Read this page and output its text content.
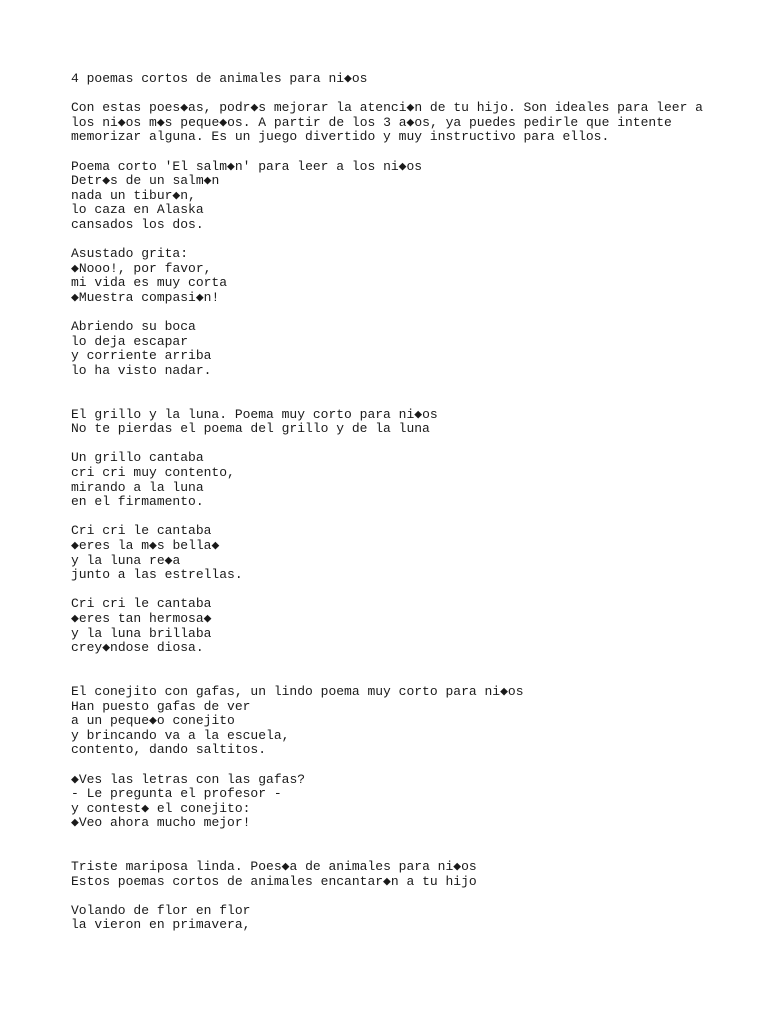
4 poemas cortos de animales para ni◆os
Con estas poes◆as, podr◆s mejorar la atenci◆n de tu hijo. Son ideales para leer a
los ni◆os m◆s peque◆os. A partir de los 3 a◆os, ya puedes pedirle que intente
memorizar alguna. Es un juego divertido y muy instructivo para ellos.
Poema corto 'El salm◆n' para leer a los ni◆os
Detr◆s de un salm◆n
nada un tibur◆n,
lo caza en Alaska
cansados los dos.
Asustado grita:
◆Nooo!, por favor,
mi vida es muy corta
◆Muestra compasi◆n!
Abriendo su boca
lo deja escapar
y corriente arriba
lo ha visto nadar.
El grillo y la luna. Poema muy corto para ni◆os
No te pierdas el poema del grillo y de la luna
Un grillo cantaba
cri cri muy contento,
mirando a la luna
en el firmamento.
Cri cri le cantaba
◆eres la m◆s bella◆
y la luna re◆a
junto a las estrellas.
Cri cri le cantaba
◆eres tan hermosa◆
y la luna brillaba
crey◆ndose diosa.
El conejito con gafas, un lindo poema muy corto para ni◆os
Han puesto gafas de ver
a un peque◆o conejito
y brincando va a la escuela,
contento, dando saltitos.
◆Ves las letras con las gafas?
- Le pregunta el profesor -
y contest◆ el conejito:
◆Veo ahora mucho mejor!
Triste mariposa linda. Poes◆a de animales para ni◆os
Estos poemas cortos de animales encantar◆n a tu hijo
Volando de flor en flor
la vieron en primavera,
